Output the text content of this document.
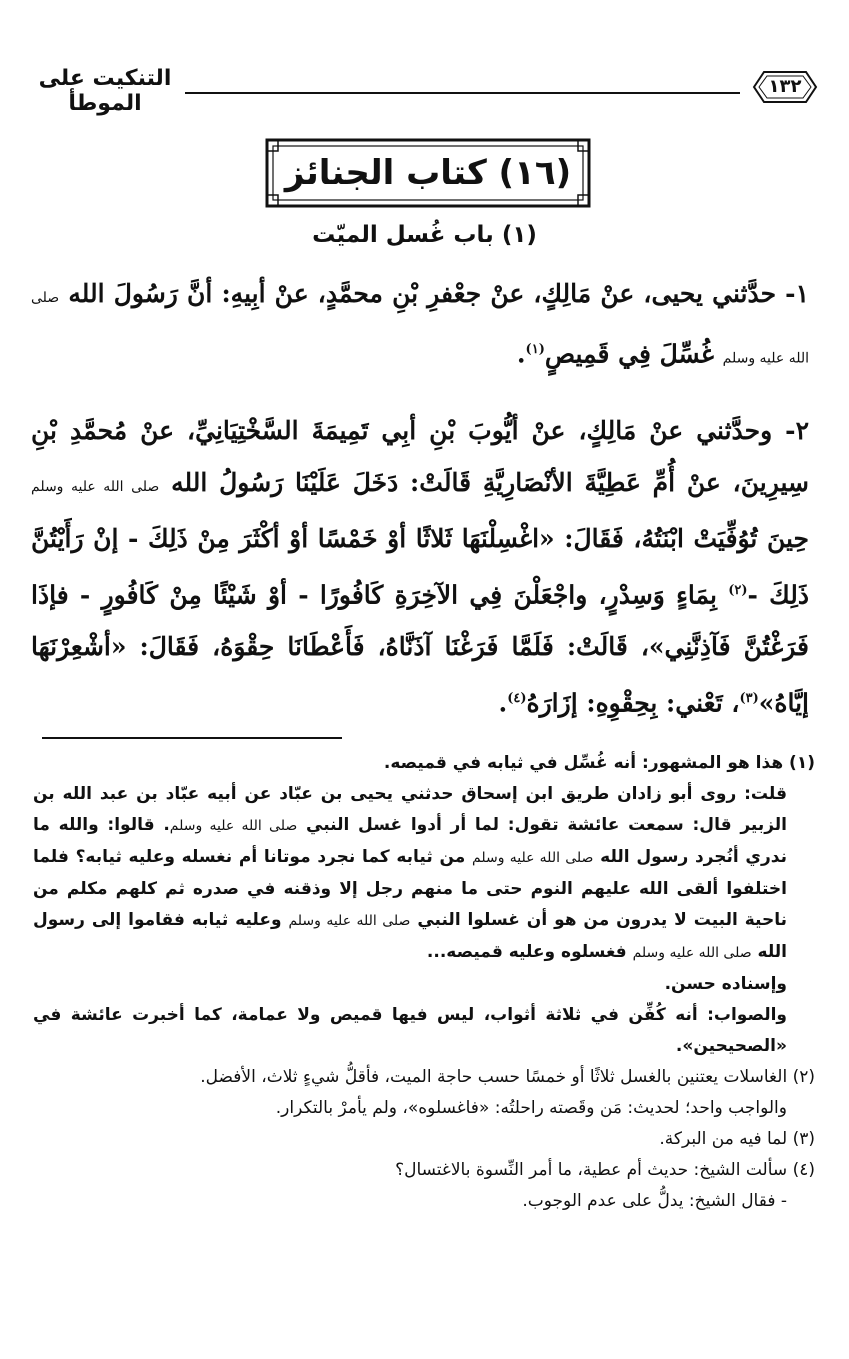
١٣٢
التنكيت على الموطأ
(١٦) كتاب الجنائز
(١) باب غُسل الميّت
١- حدَّثني يحيى، عنْ مَالِكٍ، عنْ جعْفرِ بْنِ محمَّدٍ، عنْ أبِيهِ: أنَّ رَسُولَ الله صلى الله عليه وسلم غُسِّلَ فِي قَمِيصٍ$^{(١)}$.
٢- وحدَّثني عنْ مَالِكٍ، عنْ أيُّوبَ بْنِ أبِي تَمِيمَةَ السَّخْتِيَانِيِّ، عنْ مُحمَّدِ بْنِ سِيرِينَ، عنْ أُمِّ عَطِيَّةَ الأنْصَارِيَّةِ قَالَتْ: دَخَلَ عَلَيْنَا رَسُولُ الله صلى الله عليه وسلم حِينَ تُوُفِّيَتْ ابْنَتُهُ، فَقَالَ: «اغْسِلْنَهَا ثَلاثًا أوْ خَمْسًا أوْ أكْثَرَ مِنْ ذَلِكَ - إنْ رَأَيْتُنَّ ذَلِكَ -$^{(٢)}$ بِمَاءٍ وَسِدْرٍ، واجْعَلْنَ فِي الآخِرَةِ كَافُورًا - أوْ شَيْئًا مِنْ كَافُورٍ - فإذَا فَرَغْتُنَّ فَآذِنَّنِي»، قَالَتْ: فَلَمَّا فَرَغْنَا آذَنَّاهُ، فَأَعْطَانَا حِقْوَهُ، فَقَالَ: «أشْعِرْنَهَا إيَّاهُ»$^{(٣)}$، تَعْني: بِحِقْوِهِ: إزَارَهُ$^{(٤)}$.

(١) هذا هو المشهور: أنه غُسِّل في ثيابه في قميصه.

قلت: روى أبو زادان طريق ابن إسحاق حدثني يحيى بن عبّاد عن أبيه عبّاد بن عبد الله بن الزبير قال: سمعت عائشة تقول: لما أر أدوا غسل النبي صلى الله عليه وسلم. قالوا: والله ما ندري أنُجرد رسول الله صلى الله عليه وسلم من ثيابه كما نجرد موتانا أم نغسله وعليه ثيابه؟ فلما اختلفوا ألقى الله عليهم النوم حتى ما منهم رجل إلا وذقنه في صدره ثم كلهم مكلم من ناحية البيت لا يدرون من هو أن غسلوا النبي صلى الله عليه وسلم وعليه ثيابه فقاموا إلى رسول الله صلى الله عليه وسلم فغسلوه وعليه قميصه...

وإسناده حسن.

والصواب: أنه كُفِّن في ثلاثة أثواب، ليس فيها قميص ولا عمامة، كما أخبرت عائشة في «الصحيحين».

(٢) الغاسلات يعتنين بالغسل ثلاثًا أو خمسًا حسب حاجة الميت، فأقلُّ شيءٍ ثلاث، الأفضل.

والواجب واحد؛ لحديث: مَن وقَصته راحلتُه: «فاغسلوه»، ولم يأمرْ بالتكرار.

(٣) لما فيه من البركة.

(٤) سألت الشيخ: حديث أم عطية، ما أمر النِّسوة بالاغتسال؟

- فقال الشيخ: يدلُّ على عدم الوجوب.
